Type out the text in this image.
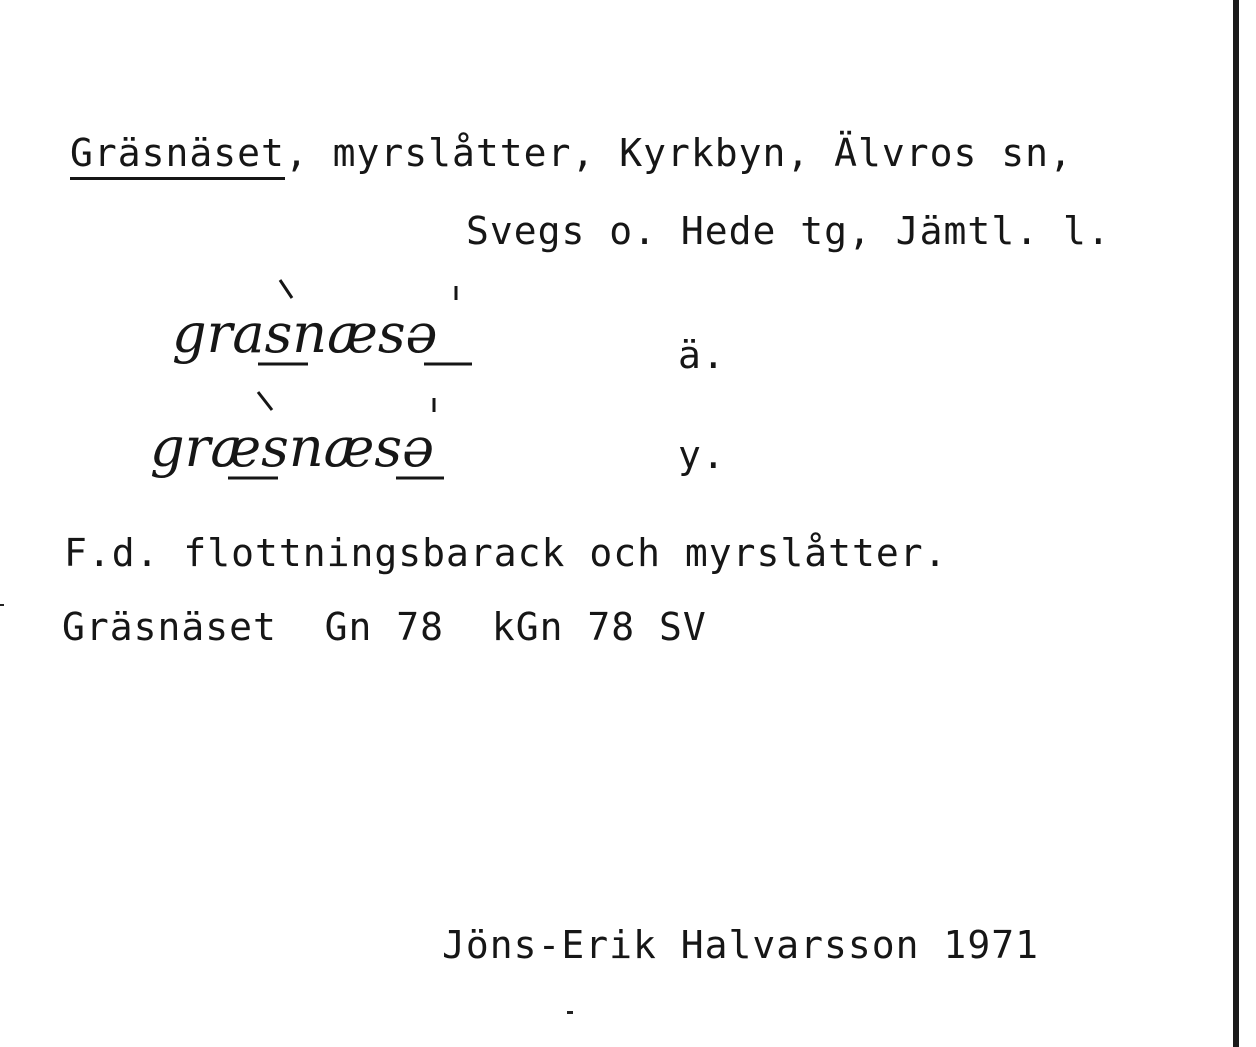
Gräsnäset, myrslåtter, Kyrkbyn, Älvros sn,
Svegs o. Hede tg, Jämtl. l.
grasnæsə
græsnæsə
ä.
y.
F.d. flottningsbarack och myrslåtter.
Gräsnäset Gn 78 kGn 78 SV
Jöns-Erik Halvarsson 1971
